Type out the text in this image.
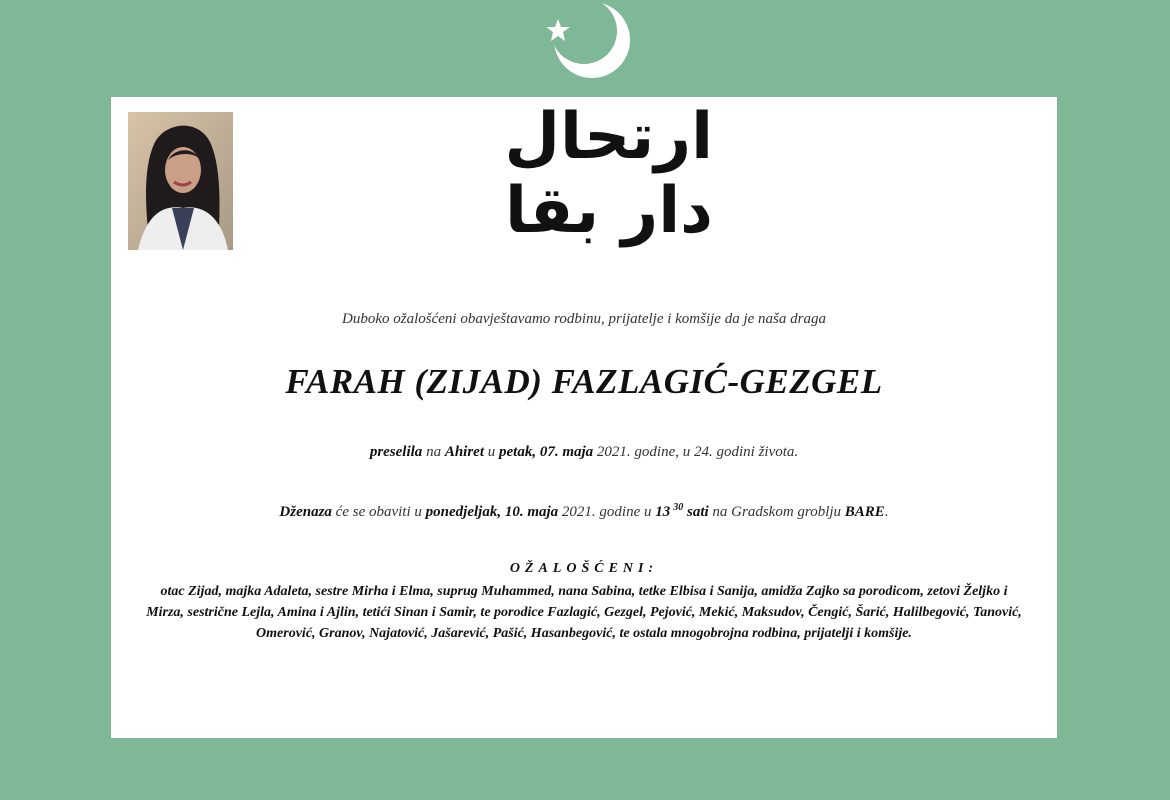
ارتحال دار بقا
Duboko ožalošćeni obavještavamo rodbinu, prijatelje i komšije da je naša draga
FARAH (ZIJAD) FAZLAGIĆ-GEZGEL
preselila na Ahiret u petak, 07. maja 2021. godine, u 24. godini života.
Dženaza će se obaviti u ponedjeljak, 10. maja 2021. godine u 13 $^{30}$ sati na Gradskom groblju BARE.
OŽALOŠĆENI:
otac Zijad, majka Adaleta, sestre Mirha i Elma, suprug Muhammed, nana Sabina, tetke Elbisa i Sanija, amidža Zajko sa porodicom, zetovi Željko i Mirza, sestrične Lejla, Amina i Ajlin, tetići Sinan i Samir, te porodice Fazlagić, Gezgel, Pejović, Mekić, Maksudov, Čengić, Šarić, Halilbegović, Tanović, Omerović, Granov, Najatović, Jašarević, Pašić, Hasanbegović, te ostala mnogobrojna rodbina, prijatelji i komšije.
